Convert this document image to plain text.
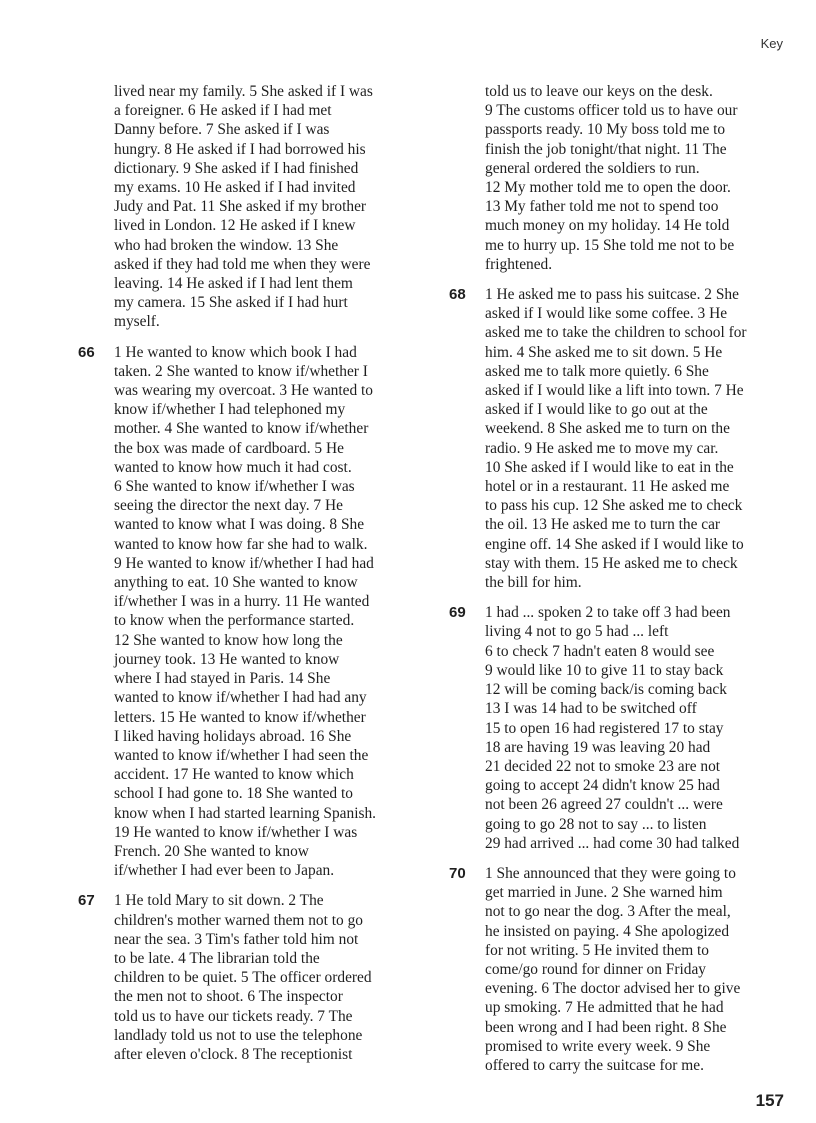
Key

lived near my family. 5 She asked if I was

a foreigner. 6 He asked if I had met

Danny before. 7 She asked if I was

hungry. 8 He asked if I had borrowed his

dictionary. 9 She asked if I had finished

my exams. 10 He asked if I had invited

Judy and Pat. 11 She asked if my brother

lived in London. 12 He asked if I knew

who had broken the window. 13 She

asked if they had told me when they were

leaving. 14 He asked if I had lent them

my camera. 15 She asked if I had hurt

myself.

66 1 He wanted to know which book I had

taken. 2 She wanted to know if/whether I

was wearing my overcoat. 3 He wanted to

know if/whether I had telephoned my

mother. 4 She wanted to know if/whether

the box was made of cardboard. 5 He

wanted to know how much it had cost.

6 She wanted to know if/whether I was

seeing the director the next day. 7 He

wanted to know what I was doing. 8 She

wanted to know how far she had to walk.

9 He wanted to know if/whether I had had

anything to eat. 10 She wanted to know

if/whether I was in a hurry. 11 He wanted

to know when the performance started.

12 She wanted to know how long the

journey took. 13 He wanted to know

where I had stayed in Paris. 14 She

wanted to know if/whether I had had any

letters. 15 He wanted to know if/whether

I liked having holidays abroad. 16 She

wanted to know if/whether I had seen the

accident. 17 He wanted to know which

school I had gone to. 18 She wanted to

know when I had started learning Spanish.

19 He wanted to know if/whether I was

French. 20 She wanted to know

if/whether I had ever been to Japan.

67 1 He told Mary to sit down. 2 The

children's mother warned them not to go

near the sea. 3 Tim's father told him not

to be late. 4 The librarian told the

children to be quiet. 5 The officer ordered

the men not to shoot. 6 The inspector

told us to have our tickets ready. 7 The

landlady told us not to use the telephone

after eleven o'clock. 8 The receptionist

told us to leave our keys on the desk.

9 The customs officer told us to have our

passports ready. 10 My boss told me to

finish the job tonight/that night. 11 The

general ordered the soldiers to run.

12 My mother told me to open the door.

13 My father told me not to spend too

much money on my holiday. 14 He told

me to hurry up. 15 She told me not to be

frightened.

68 1 He asked me to pass his suitcase. 2 She

asked if I would like some coffee. 3 He

asked me to take the children to school for

him. 4 She asked me to sit down. 5 He

asked me to talk more quietly. 6 She

asked if I would like a lift into town. 7 He

asked if I would like to go out at the

weekend. 8 She asked me to turn on the

radio. 9 He asked me to move my car.

10 She asked if I would like to eat in the

hotel or in a restaurant. 11 He asked me

to pass his cup. 12 She asked me to check

the oil. 13 He asked me to turn the car

engine off. 14 She asked if I would like to

stay with them. 15 He asked me to check

the bill for him.

69 1 had ... spoken 2 to take off 3 had been

living 4 not to go 5 had ... left

6 to check 7 hadn't eaten 8 would see

9 would like 10 to give 11 to stay back

12 will be coming back/is coming back

13 I was 14 had to be switched off

15 to open 16 had registered 17 to stay

18 are having 19 was leaving 20 had

21 decided 22 not to smoke 23 are not

going to accept 24 didn't know 25 had

not been 26 agreed 27 couldn't ... were

going to go 28 not to say ... to listen

29 had arrived ... had come 30 had talked

70 1 She announced that they were going to

get married in June. 2 She warned him

not to go near the dog. 3 After the meal,

he insisted on paying. 4 She apologized

for not writing. 5 He invited them to

come/go round for dinner on Friday

evening. 6 The doctor advised her to give

up smoking. 7 He admitted that he had

been wrong and I had been right. 8 She

promised to write every week. 9 She

offered to carry the suitcase for me.

157
